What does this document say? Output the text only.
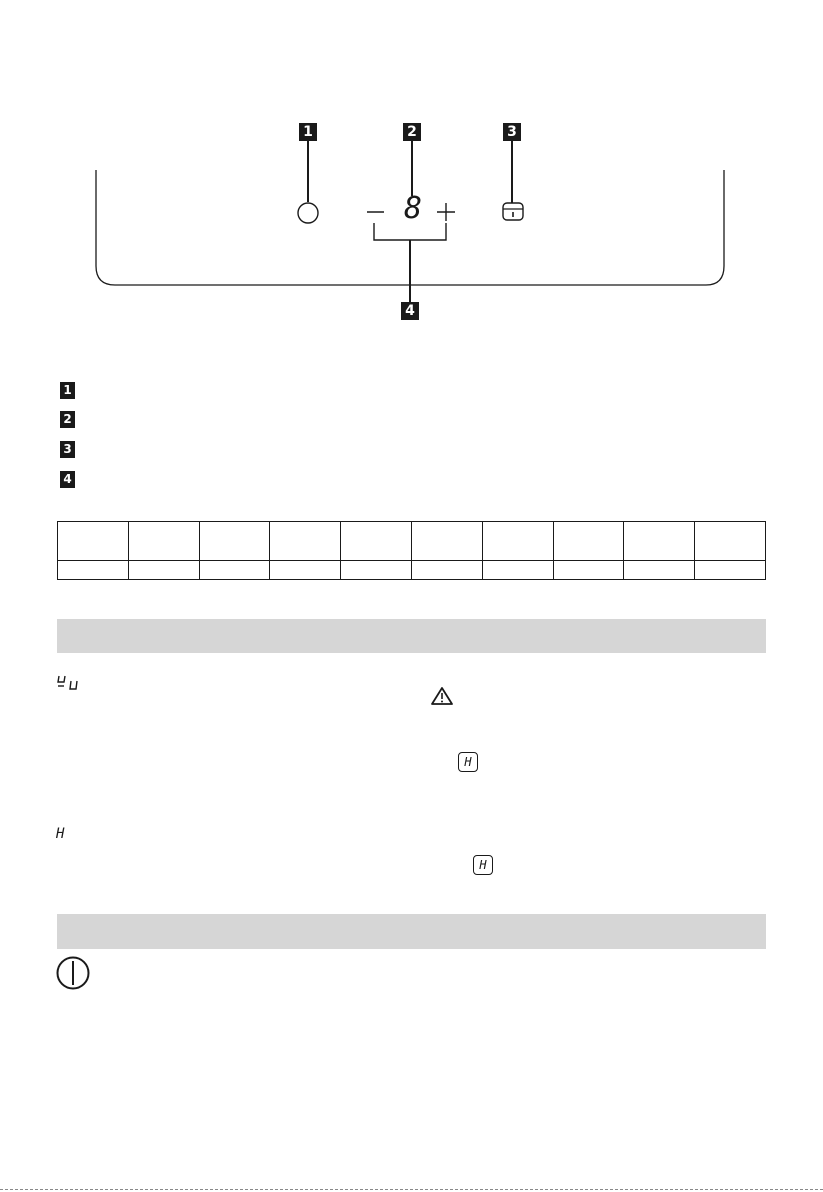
1	2	3
4
8
1
2
3
4

H
H
H
